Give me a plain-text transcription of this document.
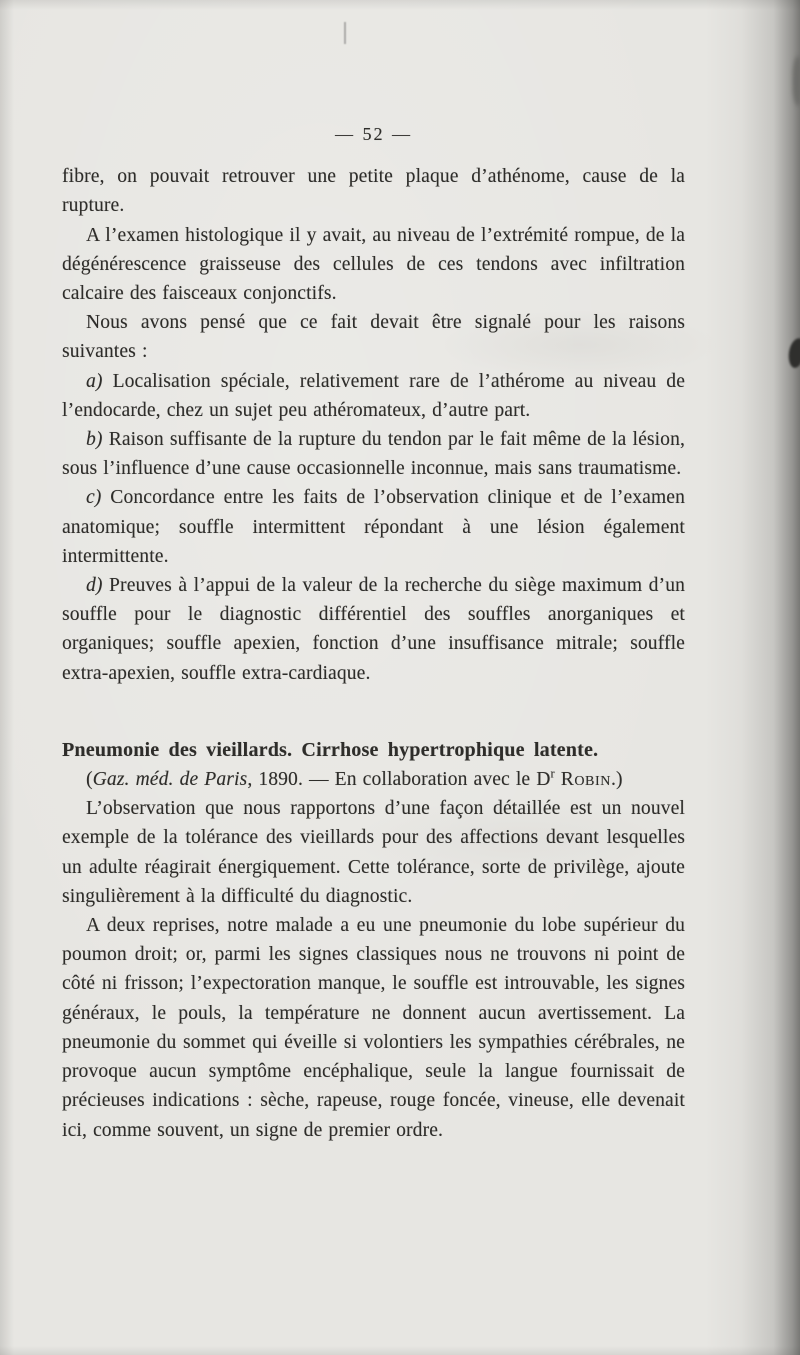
— 52 —

fibre, on pouvait retrouver une petite plaque d’athénome, cause de la rupture.

A l’examen histologique il y avait, au niveau de l’extrémité rompue, de la dégénérescence graisseuse des cellules de ces tendons avec infiltration calcaire des faisceaux conjonctifs.

Nous avons pensé que ce fait devait être signalé pour les raisons suivantes :

a) Localisation spéciale, relativement rare de l’athérome au niveau de l’endocarde, chez un sujet peu athéromateux, d’autre part.

b) Raison suffisante de la rupture du tendon par le fait même de la lésion, sous l’influence d’une cause occasionnelle inconnue, mais sans traumatisme.

c) Concordance entre les faits de l’observation clinique et de l’examen anatomique; souffle intermittent répondant à une lésion également intermittente.

d) Preuves à l’appui de la valeur de la recherche du siège maximum d’un souffle pour le diagnostic différentiel des souffles anorganiques et organiques; souffle apexien, fonction d’une insuffisance mitrale; souffle extra-apexien, souffle extra-cardiaque.

Pneumonie des vieillards. Cirrhose hypertrophique latente.

(Gaz. méd. de Paris, 1890. — En collaboration avec le $D^r$ Robin.)

L’observation que nous rapportons d’une façon détaillée est un nouvel exemple de la tolérance des vieillards pour des affections devant lesquelles un adulte réagirait énergiquement. Cette tolérance, sorte de privilège, ajoute singulièrement à la difficulté du diagnostic.

A deux reprises, notre malade a eu une pneumonie du lobe supérieur du poumon droit; or, parmi les signes classiques nous ne trouvons ni point de côté ni frisson; l’expectoration manque, le souffle est introuvable, les signes généraux, le pouls, la température ne donnent aucun avertissement. La pneumonie du sommet qui éveille si volontiers les sympathies cérébrales, ne provoque aucun symptôme encéphalique, seule la langue fournissait de précieuses indications : sèche, rapeuse, rouge foncée, vineuse, elle devenait ici, comme souvent, un signe de premier ordre.
